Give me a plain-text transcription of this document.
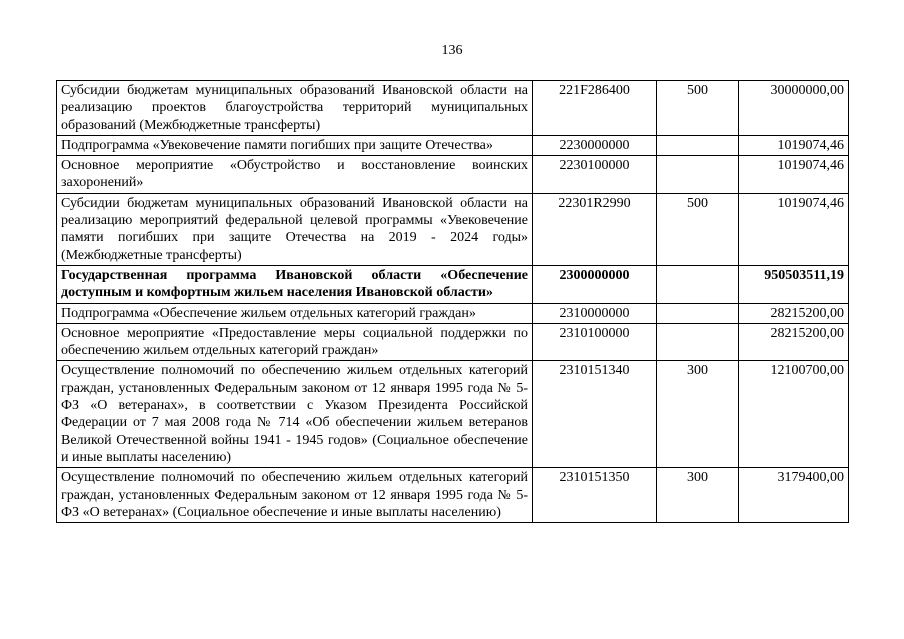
136
Субсидии бюджетам муниципальных образований Ивановской области на реализацию проектов благоустройства территорий муниципальных образований (Межбюджетные трансферты)	221F286400	500	30000000,00
Подпрограмма «Увековечение памяти погибших при защите Отечества»	2230000000		1019074,46
Основное мероприятие «Обустройство и восстановление воинских захоронений»	2230100000		1019074,46
Субсидии бюджетам муниципальных образований Ивановской области на реализацию мероприятий федеральной целевой программы «Увековечение памяти погибших при защите Отечества на 2019 - 2024 годы» (Межбюджетные трансферты)	22301R2990	500	1019074,46
Государственная программа Ивановской области «Обеспечение доступным и комфортным жильем населения Ивановской области»	2300000000		950503511,19
Подпрограмма «Обеспечение жильем отдельных категорий граждан»	2310000000		28215200,00
Основное мероприятие «Предоставление меры социальной поддержки по обеспечению жильем отдельных категорий граждан»	2310100000		28215200,00
Осуществление полномочий по обеспечению жильем отдельных категорий граждан, установленных Федеральным законом от 12 января 1995 года № 5-ФЗ «О ветеранах», в соответствии с Указом Президента Российской Федерации от 7 мая 2008 года № 714 «Об обеспечении жильем ветеранов Великой Отечественной войны 1941 - 1945 годов» (Социальное обеспечение и иные выплаты населению)	2310151340	300	12100700,00
Осуществление полномочий по обеспечению жильем отдельных категорий граждан, установленных Федеральным законом от 12 января 1995 года № 5-ФЗ «О ветеранах» (Социальное обеспечение и иные выплаты населению)	2310151350	300	3179400,00
